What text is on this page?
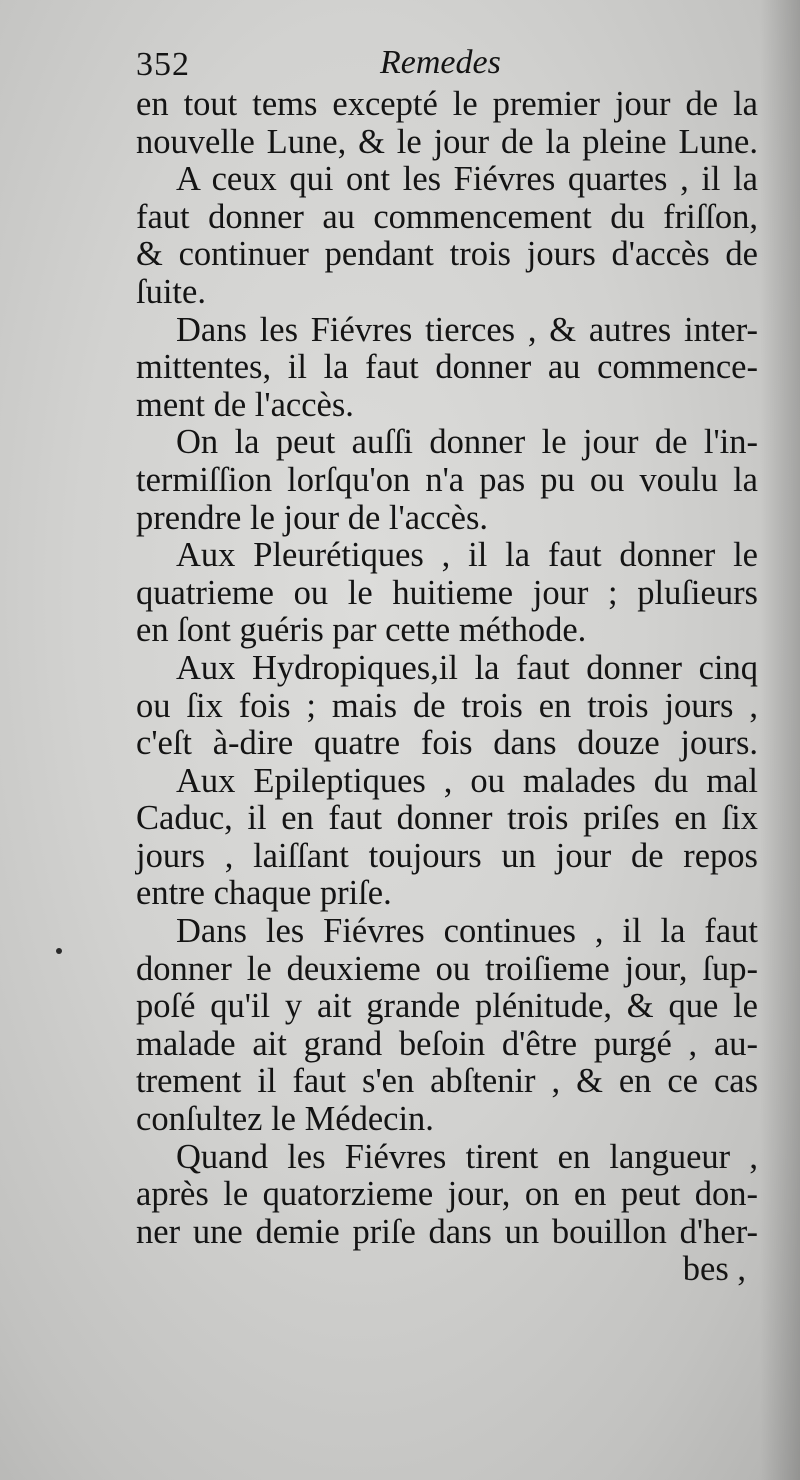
352	Remedes
en tout tems excepté le premier jour de la
nouvelle Lune, & le jour de la pleine Lune.
A ceux qui ont les Fiévres quartes , il la
faut donner au commencement du friſſon,
& continuer pendant trois jours d'accès de
ſuite.
Dans les Fiévres tierces , & autres inter-
mittentes, il la faut donner au commence-
ment de l'accès.
On la peut auſſi donner le jour de l'in-
termiſſion lorſqu'on n'a pas pu ou voulu la
prendre le jour de l'accès.
Aux Pleurétiques , il la faut donner le
quatrieme ou le huitieme jour ; pluſieurs
en ſont guéris par cette méthode.
Aux Hydropiques,il la faut donner cinq
ou ſix fois ; mais de trois en trois jours ,
c'eſt à-dire quatre fois dans douze jours.
Aux Epileptiques , ou malades du mal
Caduc, il en faut donner trois priſes en ſix
jours , laiſſant toujours un jour de repos
entre chaque priſe.
Dans les Fiévres continues , il la faut
donner le deuxieme ou troiſieme jour, ſup-
poſé qu'il y ait grande plénitude, & que le
malade ait grand beſoin d'être purgé , au-
trement il faut s'en abſtenir , & en ce cas
conſultez le Médecin.
Quand les Fiévres tirent en langueur ,
après le quatorzieme jour, on en peut don-
ner une demie priſe dans un bouillon d'her-
bes ,
